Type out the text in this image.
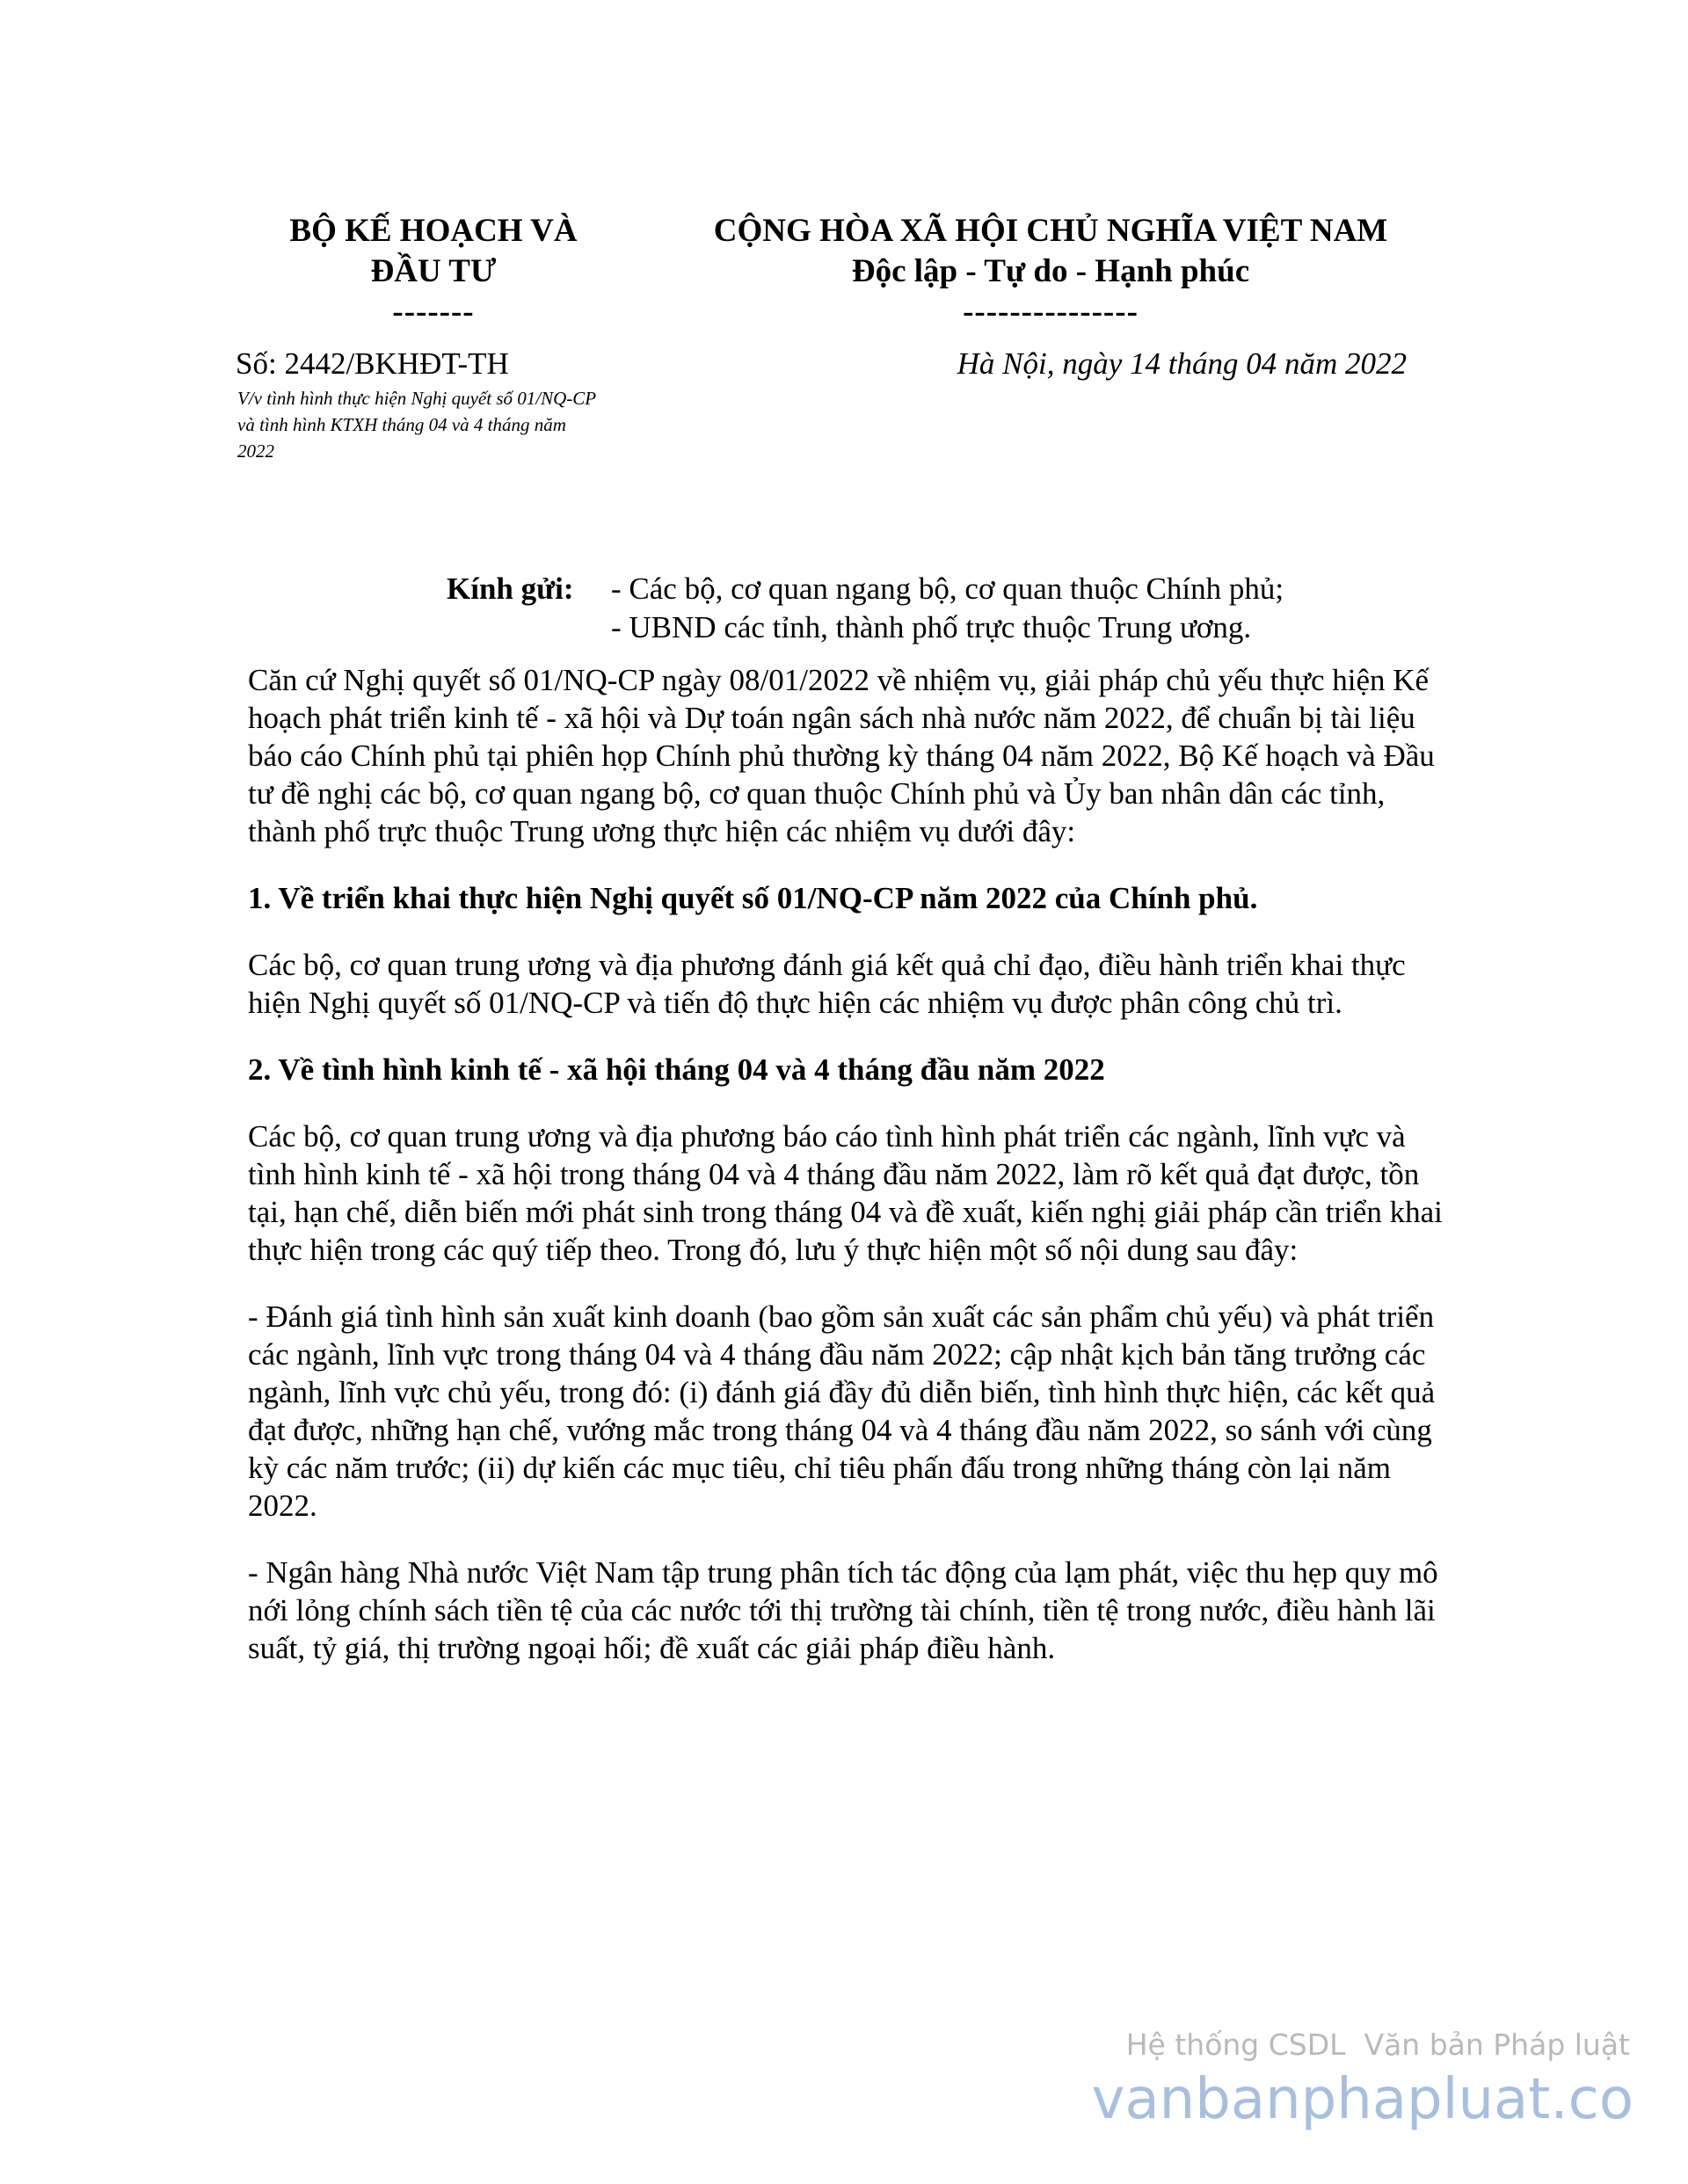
BỘ KẾ HOẠCH VÀ
ĐẦU TƯ
-------
CỘNG HÒA XÃ HỘI CHỦ NGHĨA VIỆT NAM
Độc lập - Tự do - Hạnh phúc
---------------
Số: 2442/BKHĐT-TH
V/v tình hình thực hiện Nghị quyết số 01/NQ-CP và tình hình KTXH tháng 04 và 4 tháng năm 2022
Hà Nội, ngày 14 tháng 04 năm 2022
Kính gửi: - Các bộ, cơ quan ngang bộ, cơ quan thuộc Chính phủ;
- UBND các tỉnh, thành phố trực thuộc Trung ương.

Căn cứ Nghị quyết số 01/NQ-CP ngày 08/01/2022 về nhiệm vụ, giải pháp chủ yếu thực hiện Kế hoạch phát triển kinh tế - xã hội và Dự toán ngân sách nhà nước năm 2022, để chuẩn bị tài liệu báo cáo Chính phủ tại phiên họp Chính phủ thường kỳ tháng 04 năm 2022, Bộ Kế hoạch và Đầu tư đề nghị các bộ, cơ quan ngang bộ, cơ quan thuộc Chính phủ và Ủy ban nhân dân các tỉnh, thành phố trực thuộc Trung ương thực hiện các nhiệm vụ dưới đây:

1. Về triển khai thực hiện Nghị quyết số 01/NQ-CP năm 2022 của Chính phủ.

Các bộ, cơ quan trung ương và địa phương đánh giá kết quả chỉ đạo, điều hành triển khai thực hiện Nghị quyết số 01/NQ-CP và tiến độ thực hiện các nhiệm vụ được phân công chủ trì.

2. Về tình hình kinh tế - xã hội tháng 04 và 4 tháng đầu năm 2022

Các bộ, cơ quan trung ương và địa phương báo cáo tình hình phát triển các ngành, lĩnh vực và tình hình kinh tế - xã hội trong tháng 04 và 4 tháng đầu năm 2022, làm rõ kết quả đạt được, tồn tại, hạn chế, diễn biến mới phát sinh trong tháng 04 và đề xuất, kiến nghị giải pháp cần triển khai thực hiện trong các quý tiếp theo. Trong đó, lưu ý thực hiện một số nội dung sau đây:

- Đánh giá tình hình sản xuất kinh doanh (bao gồm sản xuất các sản phẩm chủ yếu) và phát triển các ngành, lĩnh vực trong tháng 04 và 4 tháng đầu năm 2022; cập nhật kịch bản tăng trưởng các ngành, lĩnh vực chủ yếu, trong đó: (i) đánh giá đầy đủ diễn biến, tình hình thực hiện, các kết quả đạt được, những hạn chế, vướng mắc trong tháng 04 và 4 tháng đầu năm 2022, so sánh với cùng kỳ các năm trước; (ii) dự kiến các mục tiêu, chỉ tiêu phấn đấu trong những tháng còn lại năm 2022.

- Ngân hàng Nhà nước Việt Nam tập trung phân tích tác động của lạm phát, việc thu hẹp quy mô nới lỏng chính sách tiền tệ của các nước tới thị trường tài chính, tiền tệ trong nước, điều hành lãi suất, tỷ giá, thị trường ngoại hối; đề xuất các giải pháp điều hành.

Hệ thống CSDL  Văn bản Pháp luật
vanbanphapluat.co
